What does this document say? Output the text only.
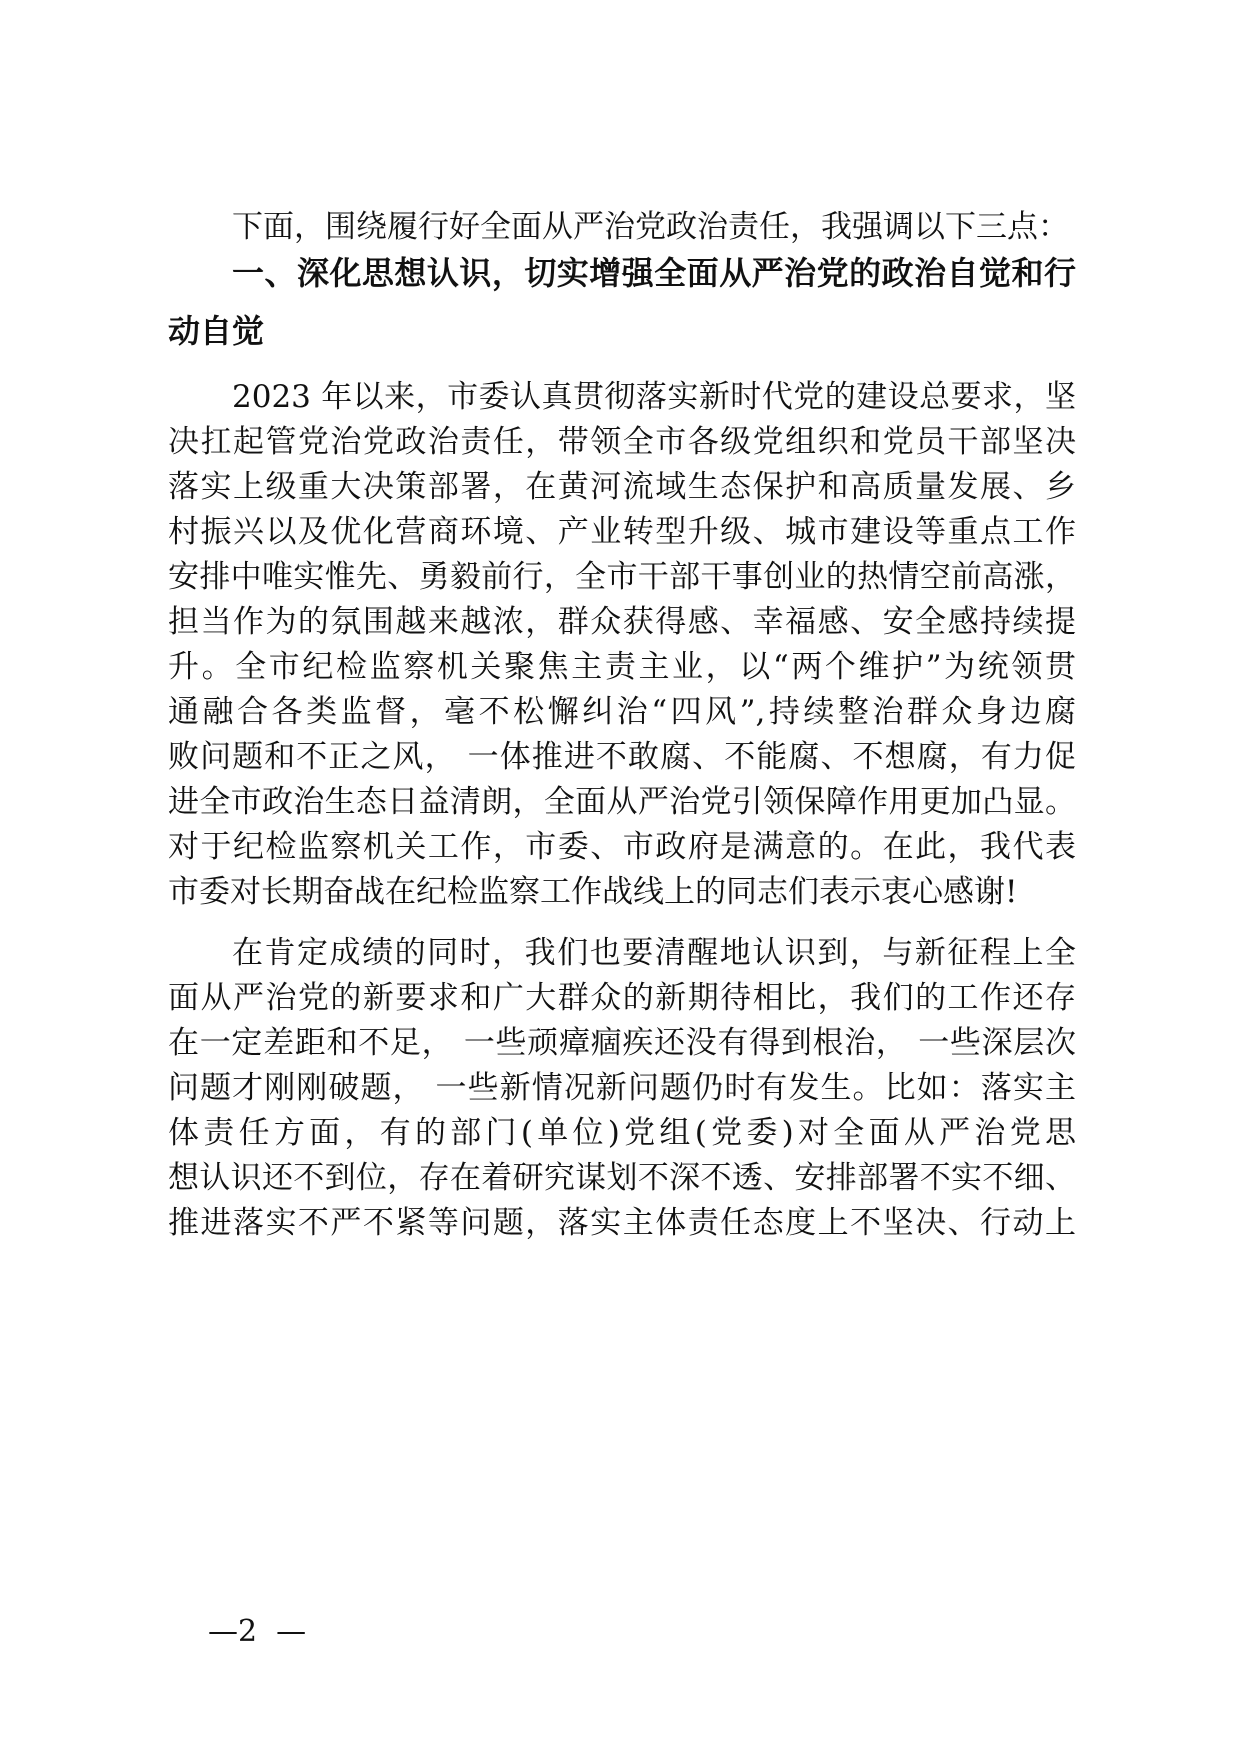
下面，围绕履行好全面从严治党政治责任，我强调以下三点：
一、深化思想认识，切实增强全面从严治党的政治自觉和行
动自觉
2023 年以来，市委认真贯彻落实新时代党的建设总要求，坚
决扛起管党治党政治责任，带领全市各级党组织和党员干部坚决
落实上级重大决策部署，在黄河流域生态保护和高质量发展、乡
村振兴以及优化营商环境、产业转型升级、城市建设等重点工作
安排中唯实惟先、勇毅前行，全市干部干事创业的热情空前高涨，
担当作为的氛围越来越浓，群众获得感、幸福感、安全感持续提
升。全市纪检监察机关聚焦主责主业，以“两个维护”为统领贯
通融合各类监督，毫不松懈纠治“四风”,持续整治群众身边腐
败问题和不正之风， 一体推进不敢腐、不能腐、不想腐，有力促
进全市政治生态日益清朗，全面从严治党引领保障作用更加凸显。
对于纪检监察机关工作，市委、市政府是满意的。在此，我代表
市委对长期奋战在纪检监察工作战线上的同志们表示衷心感谢!
在肯定成绩的同时，我们也要清醒地认识到，与新征程上全
面从严治党的新要求和广大群众的新期待相比，我们的工作还存
在一定差距和不足， 一些顽瘴痼疾还没有得到根治， 一些深层次
问题才刚刚破题， 一些新情况新问题仍时有发生。比如：落实主
体责任方面，有的部门(单位)党组(党委)对全面从严治党思
想认识还不到位，存在着研究谋划不深不透、安排部署不实不细、
推进落实不严不紧等问题，落实主体责任态度上不坚决、行动上
—2  —
